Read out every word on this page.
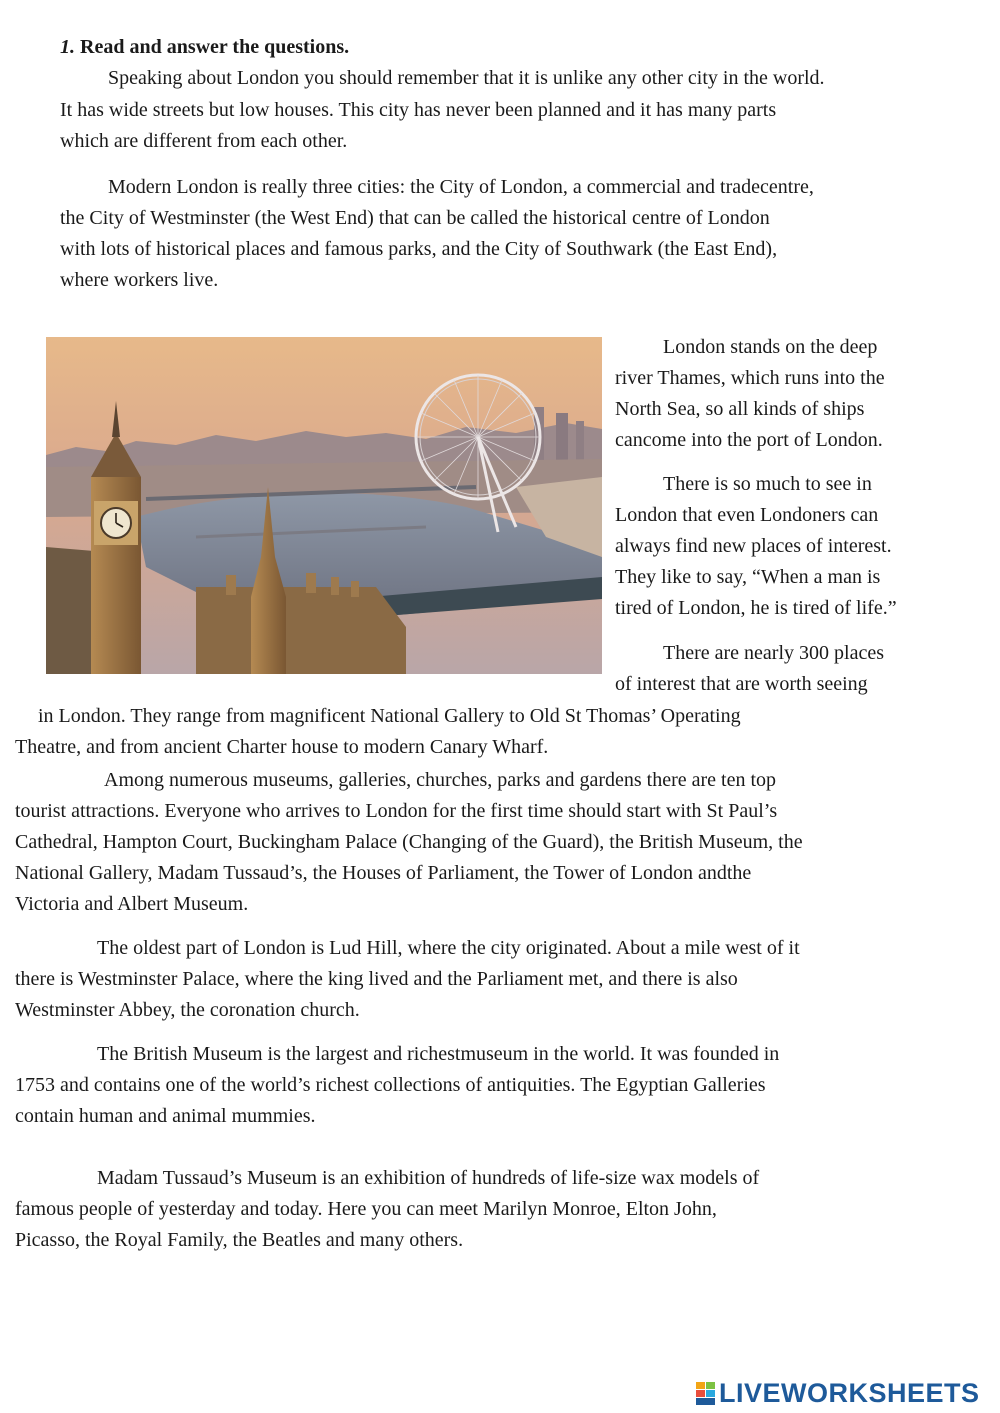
1. Read and answer the questions.
Speaking about London you should remember that it is unlike any other city in the world.
It has wide streets but low houses. This city has never been planned and it has many parts
which are different from each other.
Modern London is really three cities: the City of London, a commercial and tradecentre,
the City of Westminster (the West End) that can be called the historical centre of London
with lots of historical places and famous parks, and the City of Southwark (the East End),
where workers live.
London stands on the deep
river Thames, which runs into the
North Sea, so all kinds of ships
cancome into the port of London.
There is so much to see in
London that even Londoners can
always find new places of interest.
They like to say, “When a man is
tired of London, he is tired of life.”
There are nearly 300 places
of interest that are worth seeing
in London. They range from magnificent National Gallery to Old St Thomas’ Operating
Theatre, and from ancient Charter house to modern Canary Wharf.
Among numerous museums, galleries, churches, parks and gardens there are ten top
tourist attractions. Everyone who arrives to London for the first time should start with St Paul’s
Cathedral, Hampton Court, Buckingham Palace (Changing of the Guard), the British Museum, the
National Gallery, Madam Tussaud’s, the Houses of Parliament, the Tower of London andthe
Victoria and Albert Museum.
The oldest part of London is Lud Hill, where the city originated. About a mile west of it
there is Westminster Palace, where the king lived and the Parliament met, and there is also
Westminster Abbey, the coronation church.
The British Museum is the largest and richestmuseum in the world. It was founded in
1753 and contains one of the world’s richest collections of antiquities. The Egyptian Galleries
contain human and animal mummies.
Madam Tussaud’s Museum is an exhibition of hundreds of life-size wax models of
famous people of yesterday and today. Here you can meet Marilyn Monroe, Elton John,
Picasso, the Royal Family, the Beatles and many others.
LIVEWORKSHEETS
